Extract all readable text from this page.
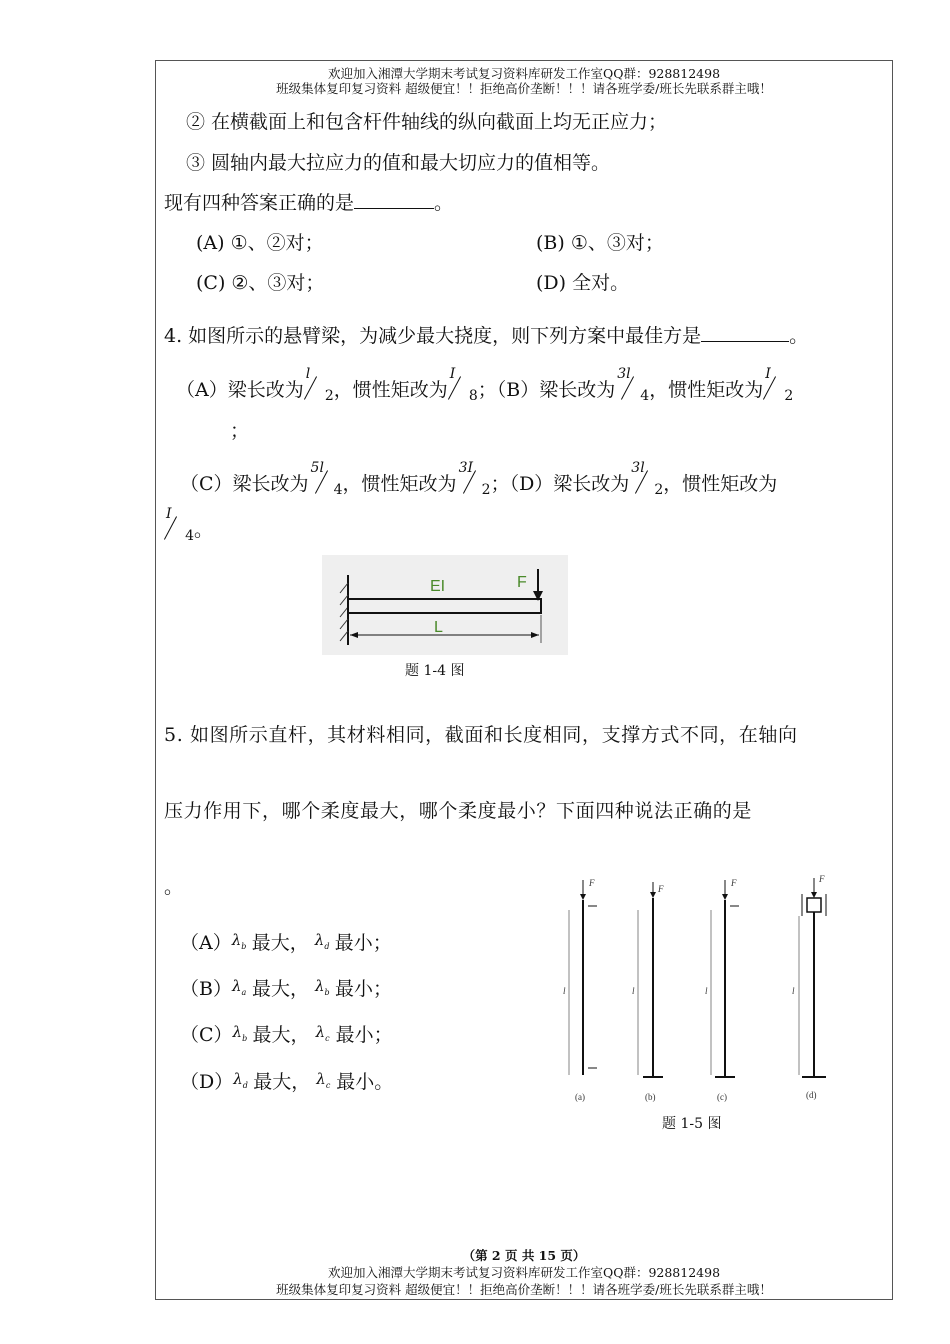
欢迎加入湘潭大学期末考试复习资料库研发工作室QQ群：928812498
班级集体复印复习资料 超级便宜！！拒绝高价垄断！！！请各班学委/班长先联系群主哦！
② 在横截面上和包含杆件轴线的纵向截面上均无正应力；
③ 圆轴内最大拉应力的值和最大切应力的值相等。
现有四种答案正确的是	。
(A) ①、②对；	(B) ①、③对；
(C) ②、③对；	(D) 全对。
4. 如图所示的悬臂梁，为减少最大挠度，则下列方案中最佳方是	。
（A）梁长改为
l
2 ，惯性矩改为
I
8 ；（B）梁长改为
3l
4 ，惯性矩改为
I
2
；
（C）梁长改为
5l
4 ，惯性矩改为
3I
2 ；（D）梁长改为
3l
2 ，惯性矩改为
I
4 。
EI	F
L
题 1-4 图
5. 如图所示直杆，其材料相同，截面和长度相同，支撑方式不同，在轴向
压力作用下，哪个柔度最大，哪个柔度最小？下面四种说法正确的是
。
$(A)\lambda_b$ 最大， $\lambda_d$ 最小；
$(B)\lambda_a$ 最大， $\lambda_b$ 最小；
$(C)\lambda_b$ 最大， $\lambda_c$ 最小；
$(D)\lambda_d$ 最大， $\lambda_c$ 最小。
l
F
(a)
l
F
(b)
l
F
(c)
l
F
(d)
题 1-5 图
（第 2 页 共 15 页）
欢迎加入湘潭大学期末考试复习资料库研发工作室QQ群：928812498
班级集体复印复习资料 超级便宜！！拒绝高价垄断！！！请各班学委/班长先联系群主哦！
